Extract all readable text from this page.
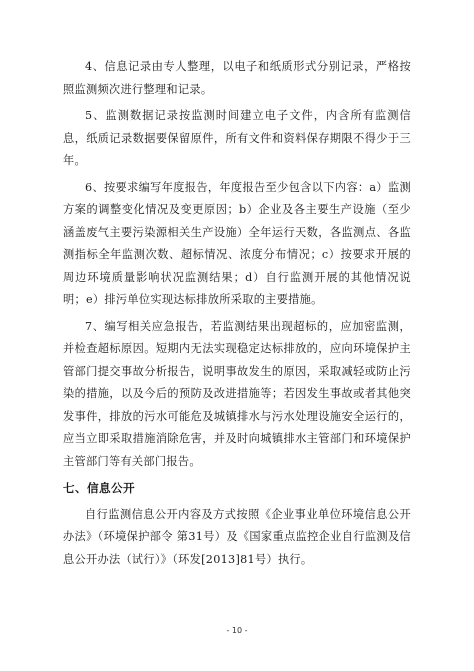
4、信息记录由专人整理，以电子和纸质形式分别记录，严格按照监测频次进行整理和记录。

5、监测数据记录按监测时间建立电子文件，内含所有监测信息，纸质记录数据要保留原件，所有文件和资料保存期限不得少于三年。

6、按要求编写年度报告，年度报告至少包含以下内容：a）监测方案的调整变化情况及变更原因；b）企业及各主要生产设施（至少涵盖废气主要污染源相关生产设施）全年运行天数，各监测点、各监测指标全年监测次数、超标情况、浓度分布情况；c）按要求开展的周边环境质量影响状况监测结果；d）自行监测开展的其他情况说明；e）排污单位实现达标排放所采取的主要措施。

7、编写相关应急报告，若监测结果出现超标的，应加密监测，并检查超标原因。短期内无法实现稳定达标排放的，应向环境保护主管部门提交事故分析报告，说明事故发生的原因，采取减轻或防止污染的措施，以及今后的预防及改进措施等；若因发生事故或者其他突发事件，排放的污水可能危及城镇排水与污水处理设施安全运行的，应当立即采取措施消除危害，并及时向城镇排水主管部门和环境保护主管部门等有关部门报告。

七、信息公开

自行监测信息公开内容及方式按照《企业事业单位环境信息公开办法》（环境保护部令 第31号）及《国家重点监控企业自行监测及信息公开办法（试行）》（环发[2013]81号）执行。

- 10 -
